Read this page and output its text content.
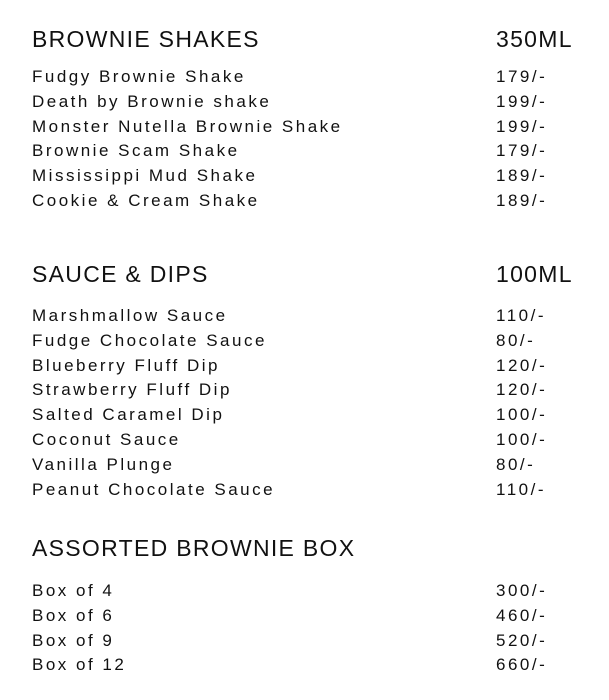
BROWNIE SHAKES	350ML
Fudgy Brownie Shake	179/-
Death by Brownie shake	199/-
Monster Nutella Brownie Shake	199/-
Brownie Scam Shake	179/-
Mississippi Mud Shake	189/-
Cookie & Cream Shake	189/-
SAUCE & DIPS	100ML
Marshmallow Sauce	110/-
Fudge Chocolate Sauce	80/-
Blueberry Fluff Dip	120/-
Strawberry Fluff Dip	120/-
Salted Caramel Dip	100/-
Coconut Sauce	100/-
Vanilla Plunge	80/-
Peanut Chocolate Sauce	110/-
ASSORTED BROWNIE BOX
Box of 4	300/-
Box of 6	460/-
Box of 9	520/-
Box of 12	660/-
